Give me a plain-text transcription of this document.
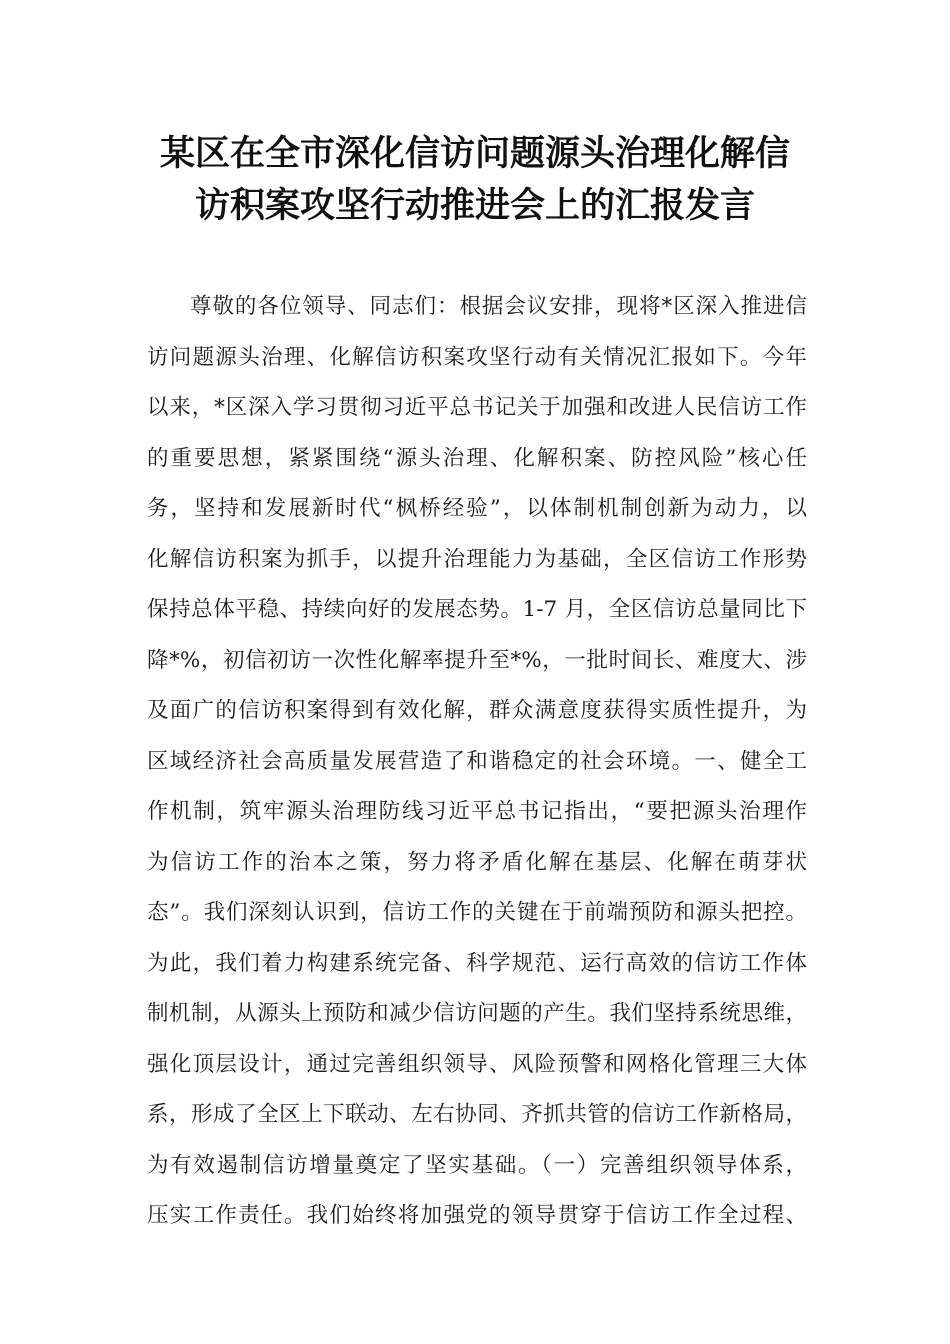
某区在全市深化信访问题源头治理化解信
访积案攻坚行动推进会上的汇报发言
尊敬的各位领导、同志们：根据会议安排，现将*区深入推进信
访问题源头治理、化解信访积案攻坚行动有关情况汇报如下。今年
以来，*区深入学习贯彻习近平总书记关于加强和改进人民信访工作
的重要思想，紧紧围绕“源头治理、化解积案、防控风险”核心任
务，坚持和发展新时代“枫桥经验”，以体制机制创新为动力，以
化解信访积案为抓手，以提升治理能力为基础，全区信访工作形势
保持总体平稳、持续向好的发展态势。1-7 月，全区信访总量同比下
降*%，初信初访一次性化解率提升至*%，一批时间长、难度大、涉
及面广的信访积案得到有效化解，群众满意度获得实质性提升，为
区域经济社会高质量发展营造了和谐稳定的社会环境。一、健全工
作机制，筑牢源头治理防线习近平总书记指出，“要把源头治理作
为信访工作的治本之策，努力将矛盾化解在基层、化解在萌芽状
态”。我们深刻认识到，信访工作的关键在于前端预防和源头把控。
为此，我们着力构建系统完备、科学规范、运行高效的信访工作体
制机制，从源头上预防和减少信访问题的产生。我们坚持系统思维，
强化顶层设计，通过完善组织领导、风险预警和网格化管理三大体
系，形成了全区上下联动、左右协同、齐抓共管的信访工作新格局，
为有效遏制信访增量奠定了坚实基础。（一）完善组织领导体系，
压实工作责任。我们始终将加强党的领导贯穿于信访工作全过程、
